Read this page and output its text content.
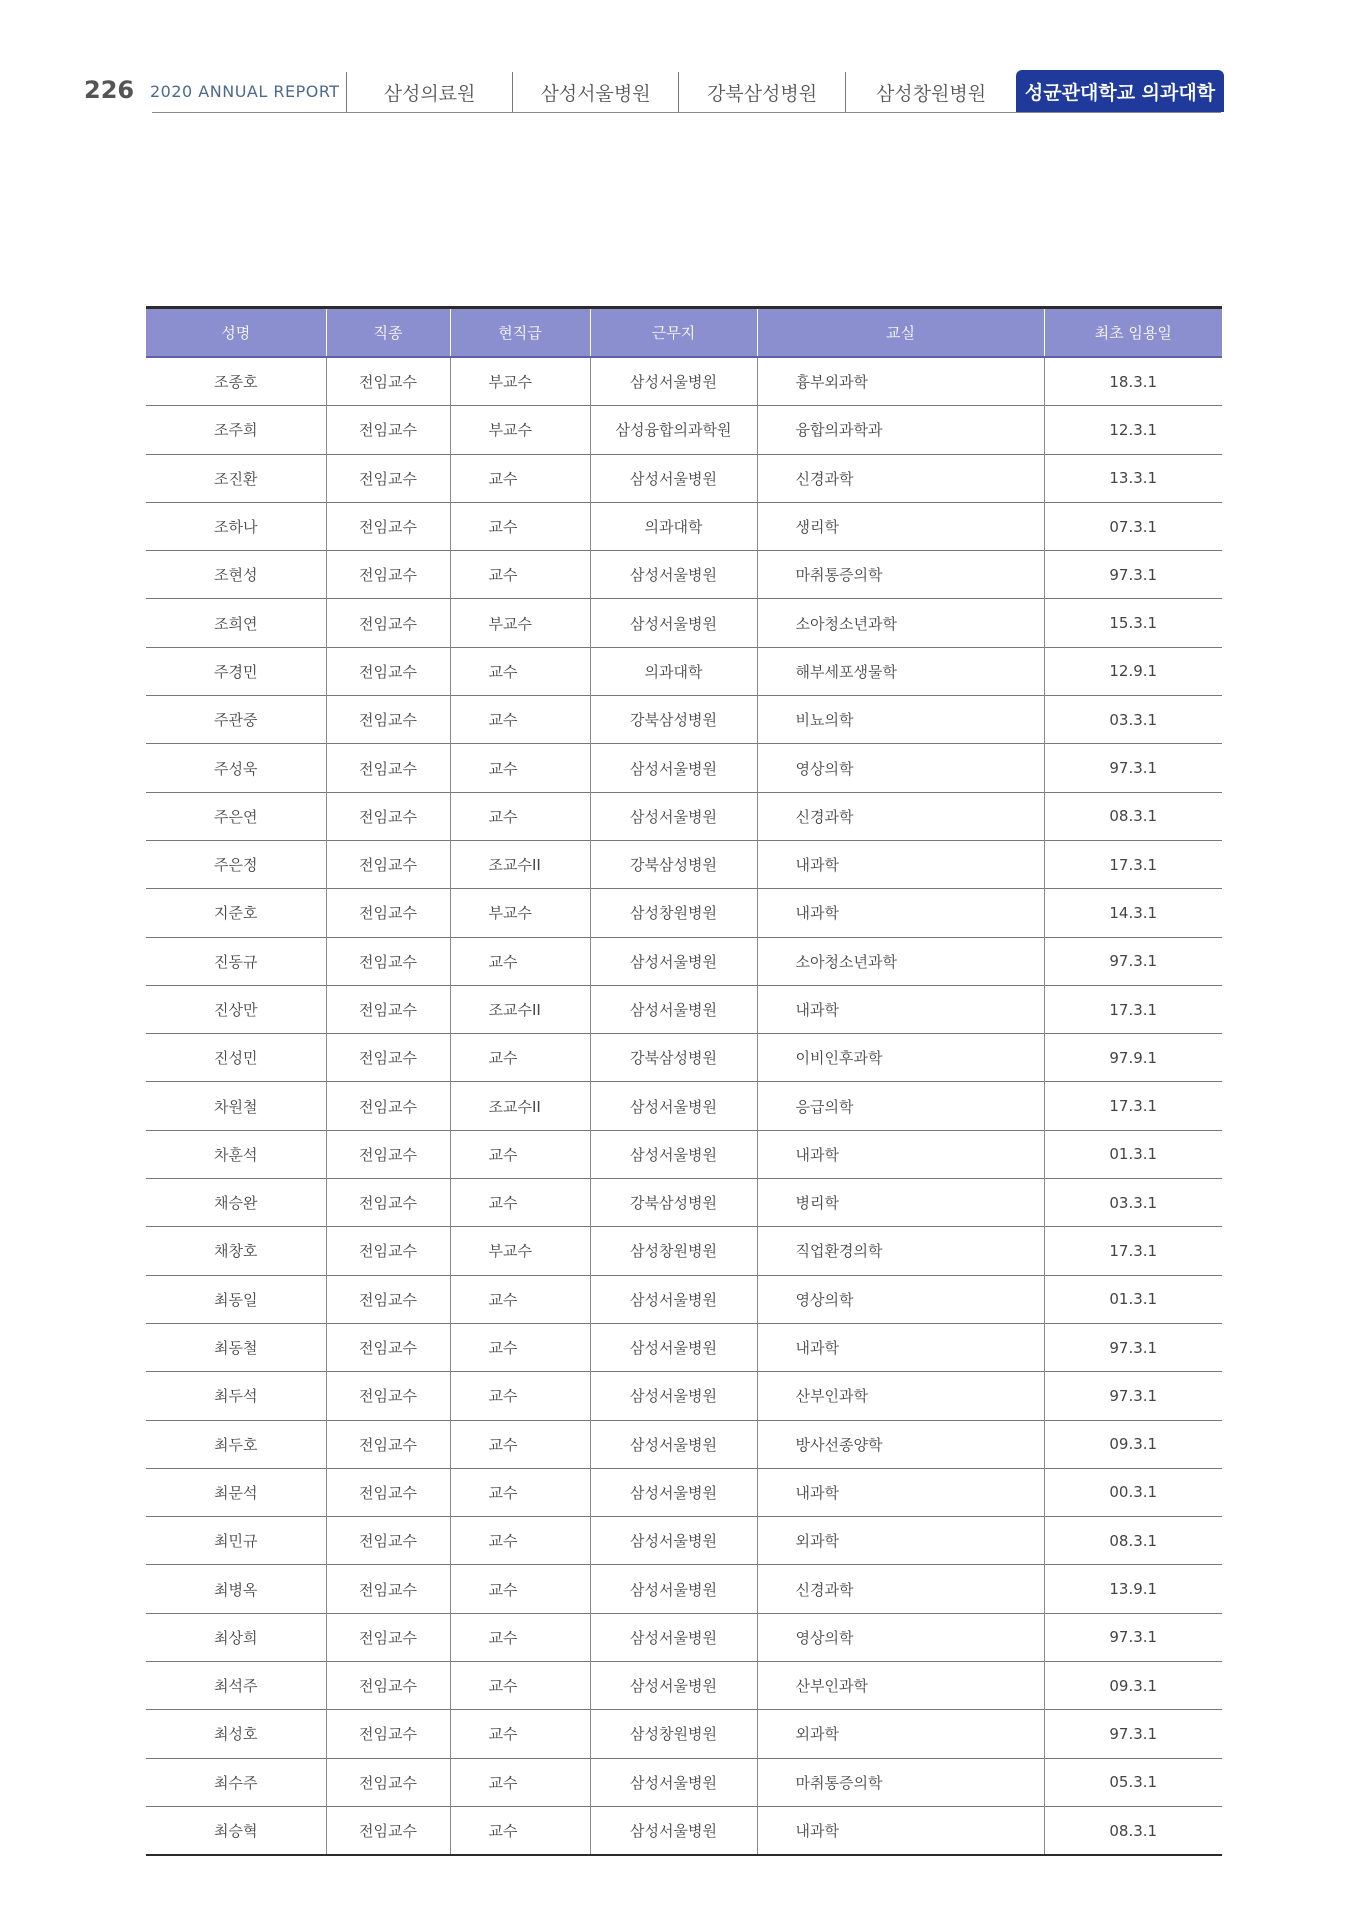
226 2020 ANNUAL REPORT 삼성의료원	삼성서울병원	강북삼성병원	삼성창원병원 성균관대학교 의과대학
성명	직종	현직급	근무지	교실	최초 임용일
조종호	전임교수	부교수	삼성서울병원	흉부외과학	18.3.1
조주희	전임교수	부교수	삼성융합의과학원	융합의과학과	12.3.1
조진환	전임교수	교수	삼성서울병원	신경과학	13.3.1
조하나	전임교수	교수	의과대학	생리학	07.3.1
조현성	전임교수	교수	삼성서울병원	마취통증의학	97.3.1
조희연	전임교수	부교수	삼성서울병원	소아청소년과학	15.3.1
주경민	전임교수	교수	의과대학	해부세포생물학	12.9.1
주관중	전임교수	교수	강북삼성병원	비뇨의학	03.3.1
주성욱	전임교수	교수	삼성서울병원	영상의학	97.3.1
주은연	전임교수	교수	삼성서울병원	신경과학	08.3.1
주은정	전임교수	조교수II	강북삼성병원	내과학	17.3.1
지준호	전임교수	부교수	삼성창원병원	내과학	14.3.1
진동규	전임교수	교수	삼성서울병원	소아청소년과학	97.3.1
진상만	전임교수	조교수II	삼성서울병원	내과학	17.3.1
진성민	전임교수	교수	강북삼성병원	이비인후과학	97.9.1
차원철	전임교수	조교수II	삼성서울병원	응급의학	17.3.1
차훈석	전임교수	교수	삼성서울병원	내과학	01.3.1
채승완	전임교수	교수	강북삼성병원	병리학	03.3.1
채창호	전임교수	부교수	삼성창원병원	직업환경의학	17.3.1
최동일	전임교수	교수	삼성서울병원	영상의학	01.3.1
최동철	전임교수	교수	삼성서울병원	내과학	97.3.1
최두석	전임교수	교수	삼성서울병원	산부인과학	97.3.1
최두호	전임교수	교수	삼성서울병원	방사선종양학	09.3.1
최문석	전임교수	교수	삼성서울병원	내과학	00.3.1
최민규	전임교수	교수	삼성서울병원	외과학	08.3.1
최병옥	전임교수	교수	삼성서울병원	신경과학	13.9.1
최상희	전임교수	교수	삼성서울병원	영상의학	97.3.1
최석주	전임교수	교수	삼성서울병원	산부인과학	09.3.1
최성호	전임교수	교수	삼성창원병원	외과학	97.3.1
최수주	전임교수	교수	삼성서울병원	마취통증의학	05.3.1
최승혁	전임교수	교수	삼성서울병원	내과학	08.3.1
